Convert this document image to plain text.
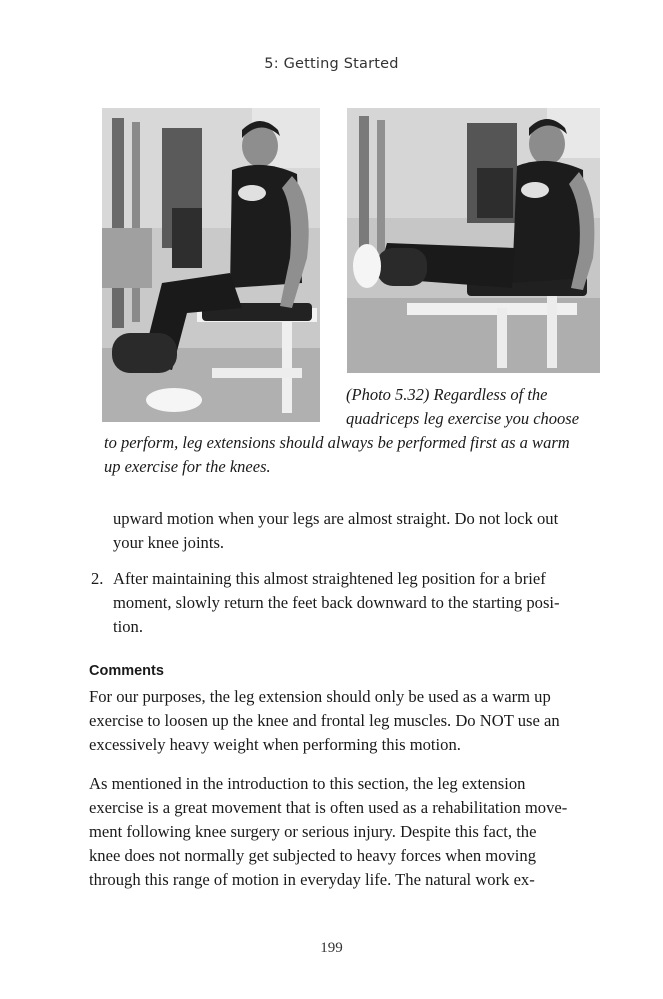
5: Getting Started

(Photo 5.32) Regardless of the

quadriceps leg exercise you choose

to perform, leg extensions should always be performed first as a warm

up exercise for the knees.

upward motion when your legs are almost straight. Do not lock out
your knee joints.
2. After maintaining this almost straightened leg position for a brief
moment, slowly return the feet back downward to the starting posi-
tion.
Comments
For our purposes, the leg extension should only be used as a warm up
exercise to loosen up the knee and frontal leg muscles. Do NOT use an
excessively heavy weight when performing this motion.
As mentioned in the introduction to this section, the leg extension
exercise is a great movement that is often used as a rehabilitation move-
ment following knee surgery or serious injury. Despite this fact, the
knee does not normally get subjected to heavy forces when moving
through this range of motion in everyday life. The natural work ex-
199
